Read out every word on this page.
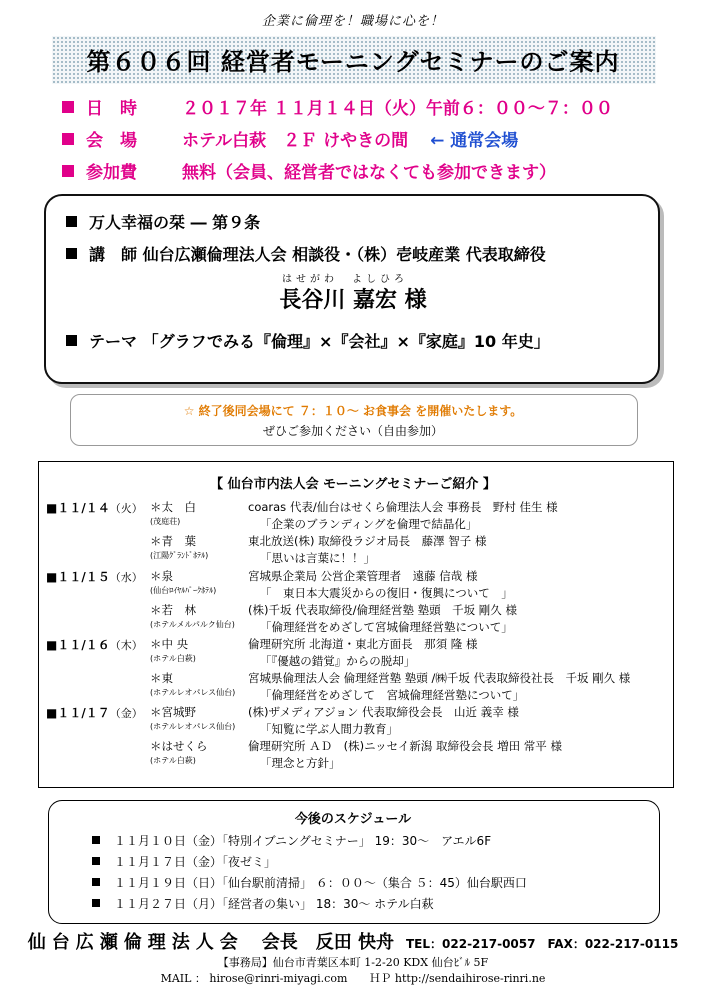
企業に倫理を！職場に心を！
第６０６回 経営者モーニングセミナーのご案内
日　時	２０１７年 １１月１４日（火）午前６：００～７：００
会　場	ホテル白萩　２Ｆ けやきの間 ← 通常会場
参加費	無料（会員、経営者ではなくても参加できます）
万人幸福の栞 ― 第９条
講　師 仙台広瀬倫理法人会 相談役・（株）壱岐産業 代表取締役
はせがわ　よしひろ
長谷川 嘉宏 様
テーマ 「グラフでみる『倫理』×『会社』×『家庭』10 年史」
☆ 終了後同会場にて ７：１０～ お食事会 を開催いたします。
ぜひご参加ください（自由参加）
【 仙台市内法人会 モーニングセミナーご紹介 】
■１１/１４（火） ＊太　白
(茂庭荘)
coaras 代表/仙台はせくら倫理法人会 事務長　野村 佳生 様
「企業のブランディングを倫理で結晶化」
＊青　葉
(江陽ｸﾞﾗﾝﾄﾞﾎﾃﾙ)
東北放送(株) 取締役ラジオ局長　藤澤 智子 様
「思いは言葉に！！」
■１１/１５（水） ＊泉
(仙台ﾛｲﾔﾙﾊﾟｰｸﾎﾃﾙ)
宮城県企業局 公営企業管理者　遠藤 信哉 様
「　東日本大震災からの復旧・復興について　」
＊若　林
(ホテルメルパルク仙台)
(株)千坂 代表取締役/倫理経営塾 塾頭　千坂 剛久 様
「倫理経営をめざして宮城倫理経営塾について」
■１１/１６（木） ＊中 央
(ホテル白萩)
倫理研究所 北海道・東北方面長　那須 隆 様
「『優越の錯覚』からの脱却」
＊東
(ホテルレオパレス仙台)
宮城県倫理法人会 倫理経営塾 塾頭 /㈱千坂 代表取締役社長　千坂 剛久 様
「倫理経営をめざして　宮城倫理経営塾について」
■１１/１７（金） ＊宮城野
(ホテルレオパレス仙台)
(株)ザメディアジョン 代表取締役会長　山近 義幸 様
「知覧に学ぶ人間力教育」
＊はせくら
(ホテル白萩)
倫理研究所 ＡＤ　(株)ニッセイ新潟 取締役会長 増田 常平 様
「理念と方針」
今後のスケジュール
１１月１０日（金）「特別イブニングセミナー」 19：30～　アエル6F
１１月１７日（金）「夜ゼミ」
１１月１９日（日）「仙台駅前清掃」 ６：００～（集合 ５：45）仙台駅西口
１１月２７日（月）「経営者の集い」 18：30～ ホテル白萩
仙台広瀬倫理法人会　 会長　反田 快舟 TEL：022-217-0057　FAX：022-217-0115
【事務局】仙台市青葉区本町 1-2-20 KDX 仙台ﾋﾞﾙ 5F
MAIL ： hirose@rinri-miyagi.com　　ＨＰ http://sendaihirose-rinri.ne
